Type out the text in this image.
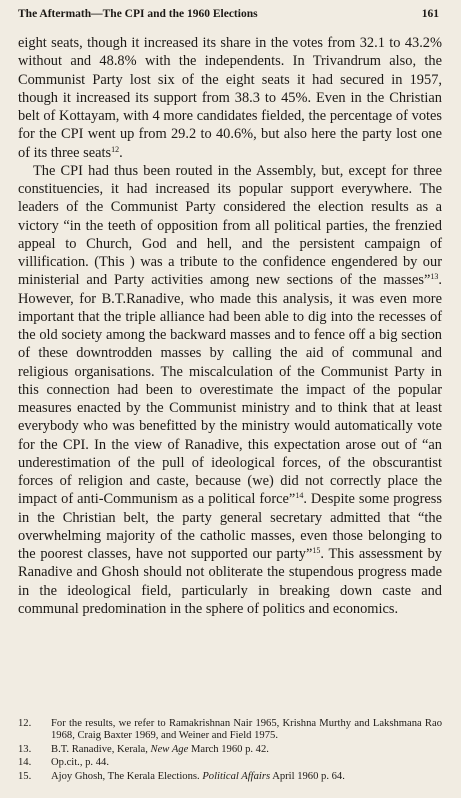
The Aftermath—The CPI and the 1960 Elections	161

eight seats, though it increased its share in the votes from 32.1 to 43.2% without and 48.8% with the independents. In Trivandrum also, the Communist Party lost six of the eight seats it had secured in 1957, though it increased its support from 38.3 to 45%. Even in the Christian belt of Kottayam, with 4 more candidates fielded, the percentage of votes for the CPI went up from 29.2 to 40.6%, but also here the party lost one of its three seats$^{12}$.

The CPI had thus been routed in the Assembly, but, except for three constituencies, it had increased its popular support everywhere. The leaders of the Communist Party considered the election results as a victory “in the teeth of opposition from all political parties, the frenzied appeal to Church, God and hell, and the persistent campaign of villification. (This ) was a tribute to the confidence engendered by our ministerial and Party activities among new sections of the masses”$^{13}$. However, for B.T.Ranadive, who made this analysis, it was even more important that the triple alliance had been able to dig into the recesses of the old society among the backward masses and to fence off a big section of these downtrodden masses by calling the aid of communal and religious organisations. The miscalculation of the Communist Party in this connection had been to overestimate the impact of the popular measures enacted by the Communist ministry and to think that at least everybody who was benefitted by the ministry would automatically vote for the CPI. In the view of Ranadive, this expectation arose out of “an underestimation of the pull of ideological forces, of the obscurantist forces of religion and caste, because (we) did not correctly place the impact of anti-Communism as a political force”$^{14}$. Despite some progress in the Christian belt, the party general secretary admitted that “the overwhelming majority of the catholic masses, even those belonging to the poorest classes, have not supported our party”$^{15}$. This assessment by Ranadive and Ghosh should not obliterate the stupendous progress made in the ideological field, particularly in breaking down caste and communal predomination in the sphere of politics and economics.

12.	For the results, we refer to Ramakrishnan Nair 1965, Krishna Murthy and Lakshmana Rao 1968, Craig Baxter 1969, and Weiner and Field 1975.
13.	B.T. Ranadive, Kerala, New Age March 1960 p. 42.
14.	Op.cit., p. 44.
15.	Ajoy Ghosh, The Kerala Elections. Political Affairs April 1960 p. 64.
